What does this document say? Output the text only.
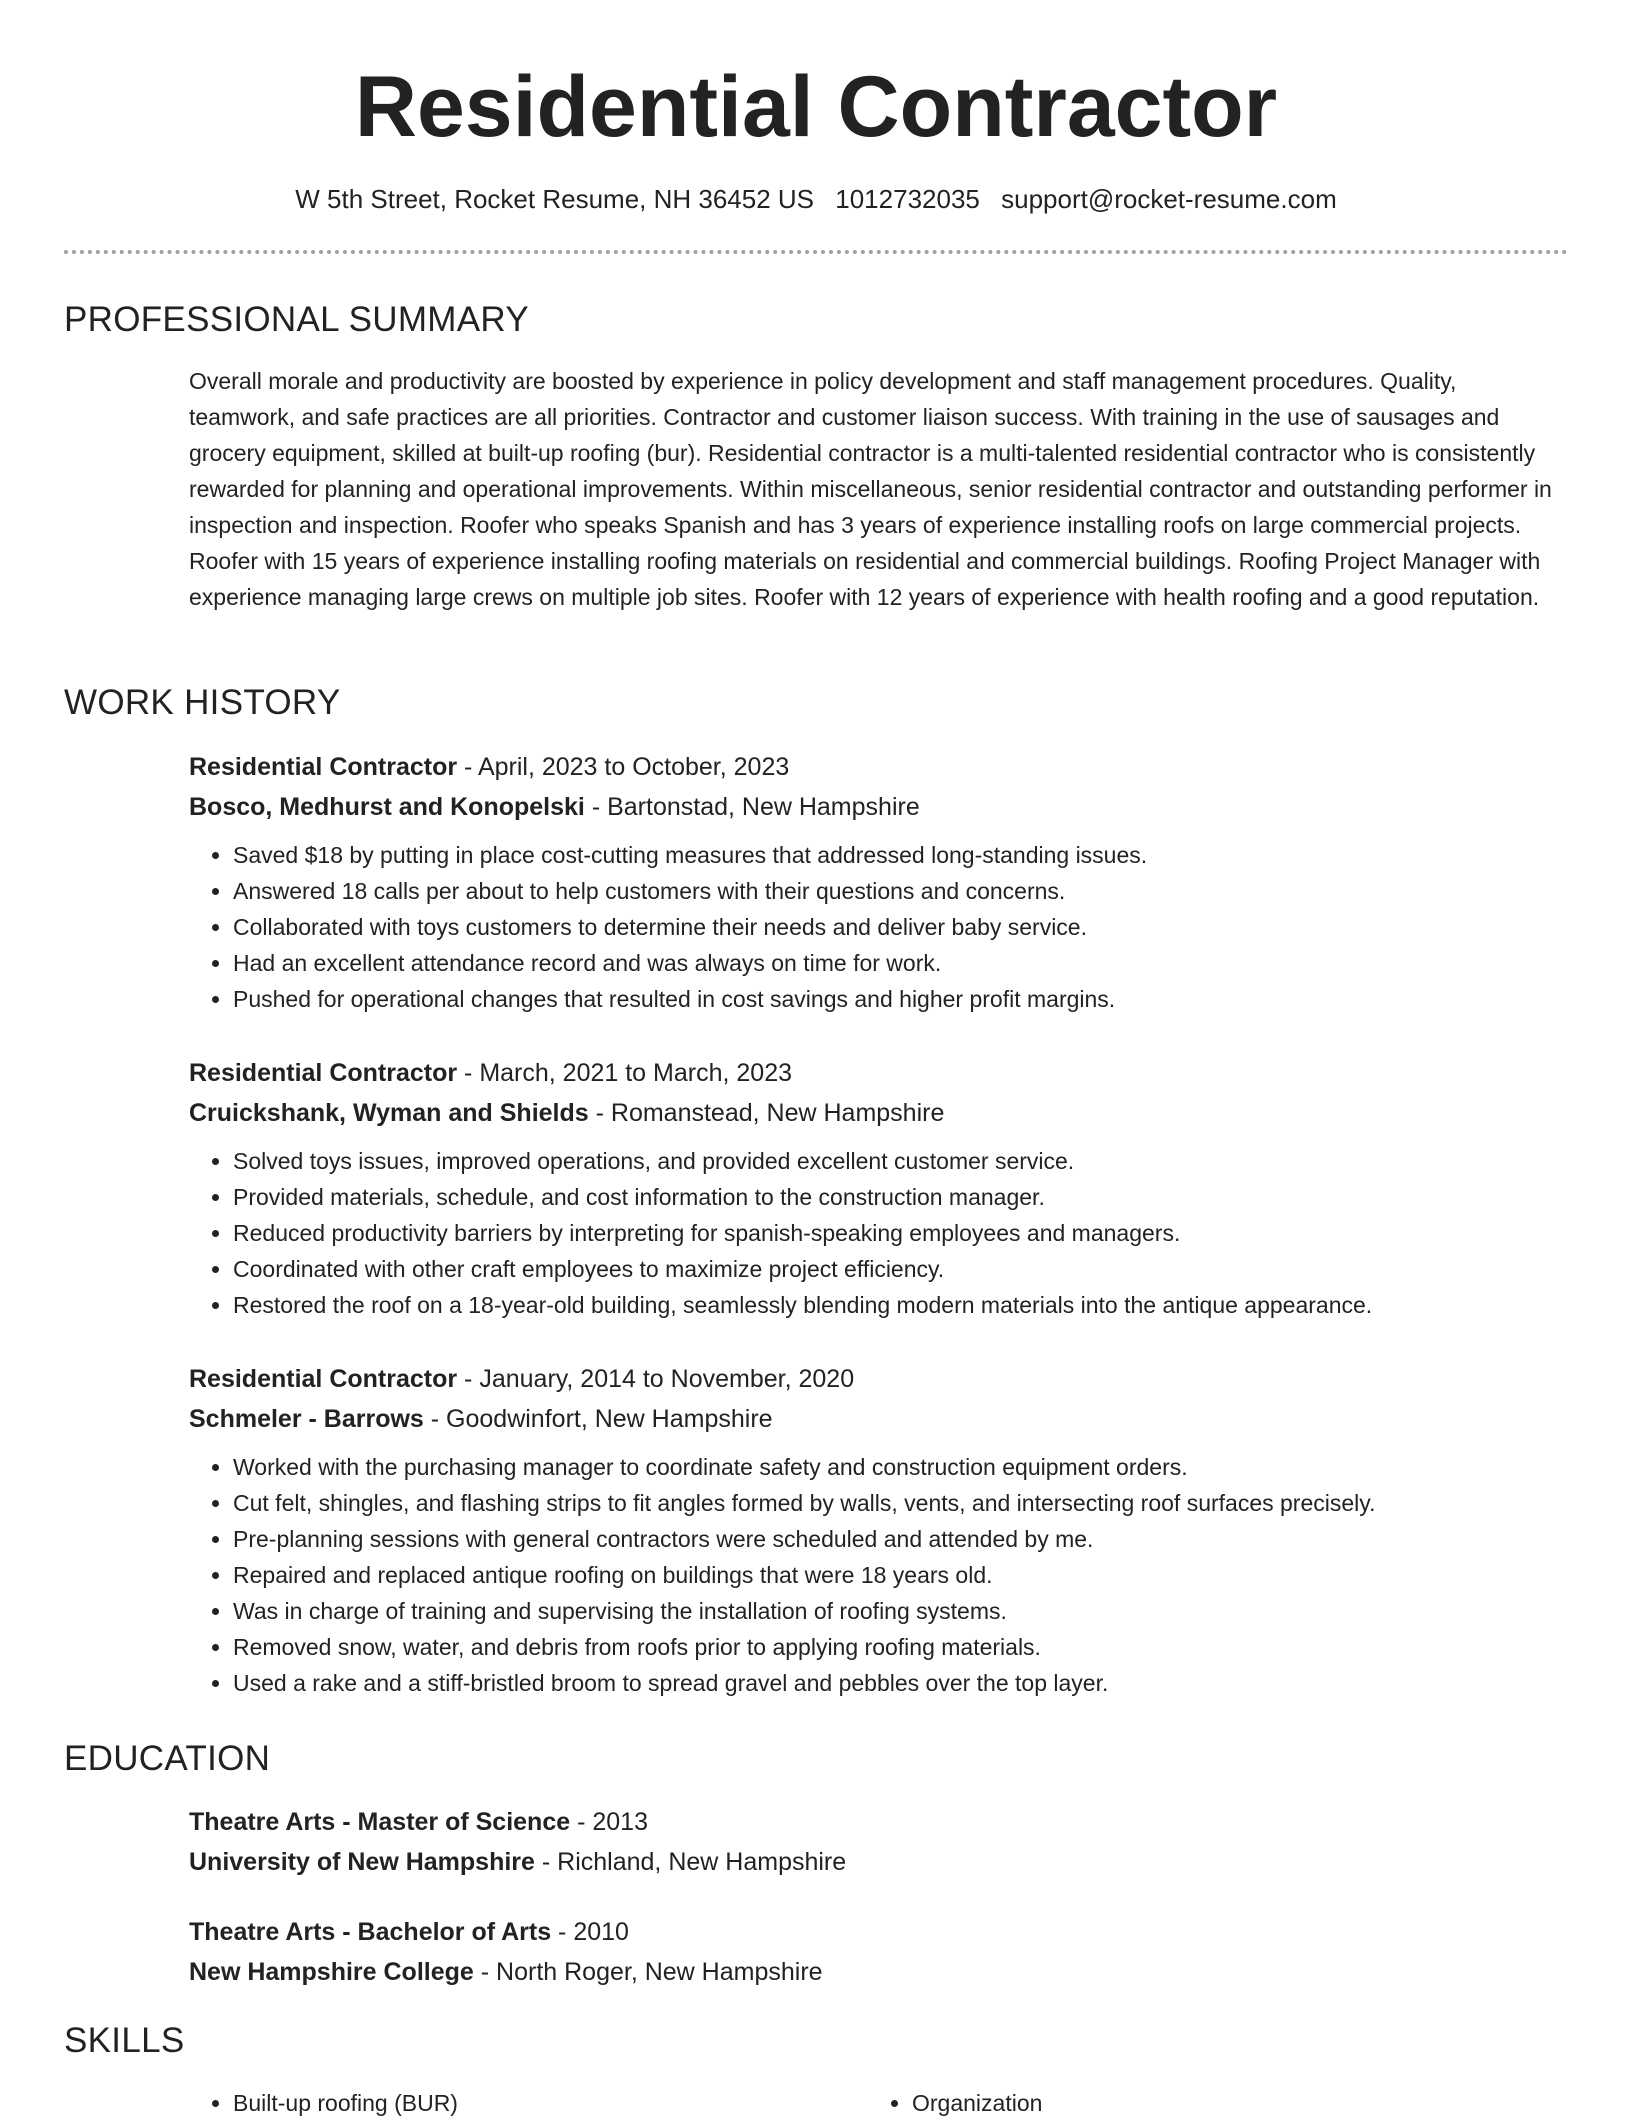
Residential Contractor
W 5th Street, Rocket Resume, NH 36452 US 1012732035 support@rocket-resume.com
PROFESSIONAL SUMMARY

Overall morale and productivity are boosted by experience in policy development and staff management procedures. Quality, teamwork, and safe practices are all priorities. Contractor and customer liaison success. With training in the use of sausages and grocery equipment, skilled at built-up roofing (bur). Residential contractor is a multi-talented residential contractor who is consistently rewarded for planning and operational improvements. Within miscellaneous, senior residential contractor and outstanding performer in inspection and inspection. Roofer who speaks Spanish and has 3 years of experience installing roofs on large commercial projects. Roofer with 15 years of experience installing roofing materials on residential and commercial buildings. Roofing Project Manager with experience managing large crews on multiple job sites. Roofer with 12 years of experience with health roofing and a good reputation.

WORK HISTORY

Residential Contractor - April, 2023 to October, 2023

Bosco, Medhurst and Konopelski - Bartonstad, New Hampshire

• Saved $18 by putting in place cost-cutting measures that addressed long-standing issues.
• Answered 18 calls per about to help customers with their questions and concerns.
• Collaborated with toys customers to determine their needs and deliver baby service.
• Had an excellent attendance record and was always on time for work.
• Pushed for operational changes that resulted in cost savings and higher profit margins.

Residential Contractor - March, 2021 to March, 2023

Cruickshank, Wyman and Shields - Romanstead, New Hampshire

• Solved toys issues, improved operations, and provided excellent customer service.
• Provided materials, schedule, and cost information to the construction manager.
• Reduced productivity barriers by interpreting for spanish-speaking employees and managers.
• Coordinated with other craft employees to maximize project efficiency.
• Restored the roof on a 18-year-old building, seamlessly blending modern materials into the antique appearance.

Residential Contractor - January, 2014 to November, 2020

Schmeler - Barrows - Goodwinfort, New Hampshire

• Worked with the purchasing manager to coordinate safety and construction equipment orders.
• Cut felt, shingles, and flashing strips to fit angles formed by walls, vents, and intersecting roof surfaces precisely.
• Pre-planning sessions with general contractors were scheduled and attended by me.
• Repaired and replaced antique roofing on buildings that were 18 years old.
• Was in charge of training and supervising the installation of roofing systems.
• Removed snow, water, and debris from roofs prior to applying roofing materials.
• Used a rake and a stiff-bristled broom to spread gravel and pebbles over the top layer.
EDUCATION

Theatre Arts - Master of Science - 2013

University of New Hampshire - Richland, New Hampshire

Theatre Arts - Bachelor of Arts - 2010

New Hampshire College - North Roger, New Hampshire

SKILLS
• Built-up roofing (BUR)
•	Organization
